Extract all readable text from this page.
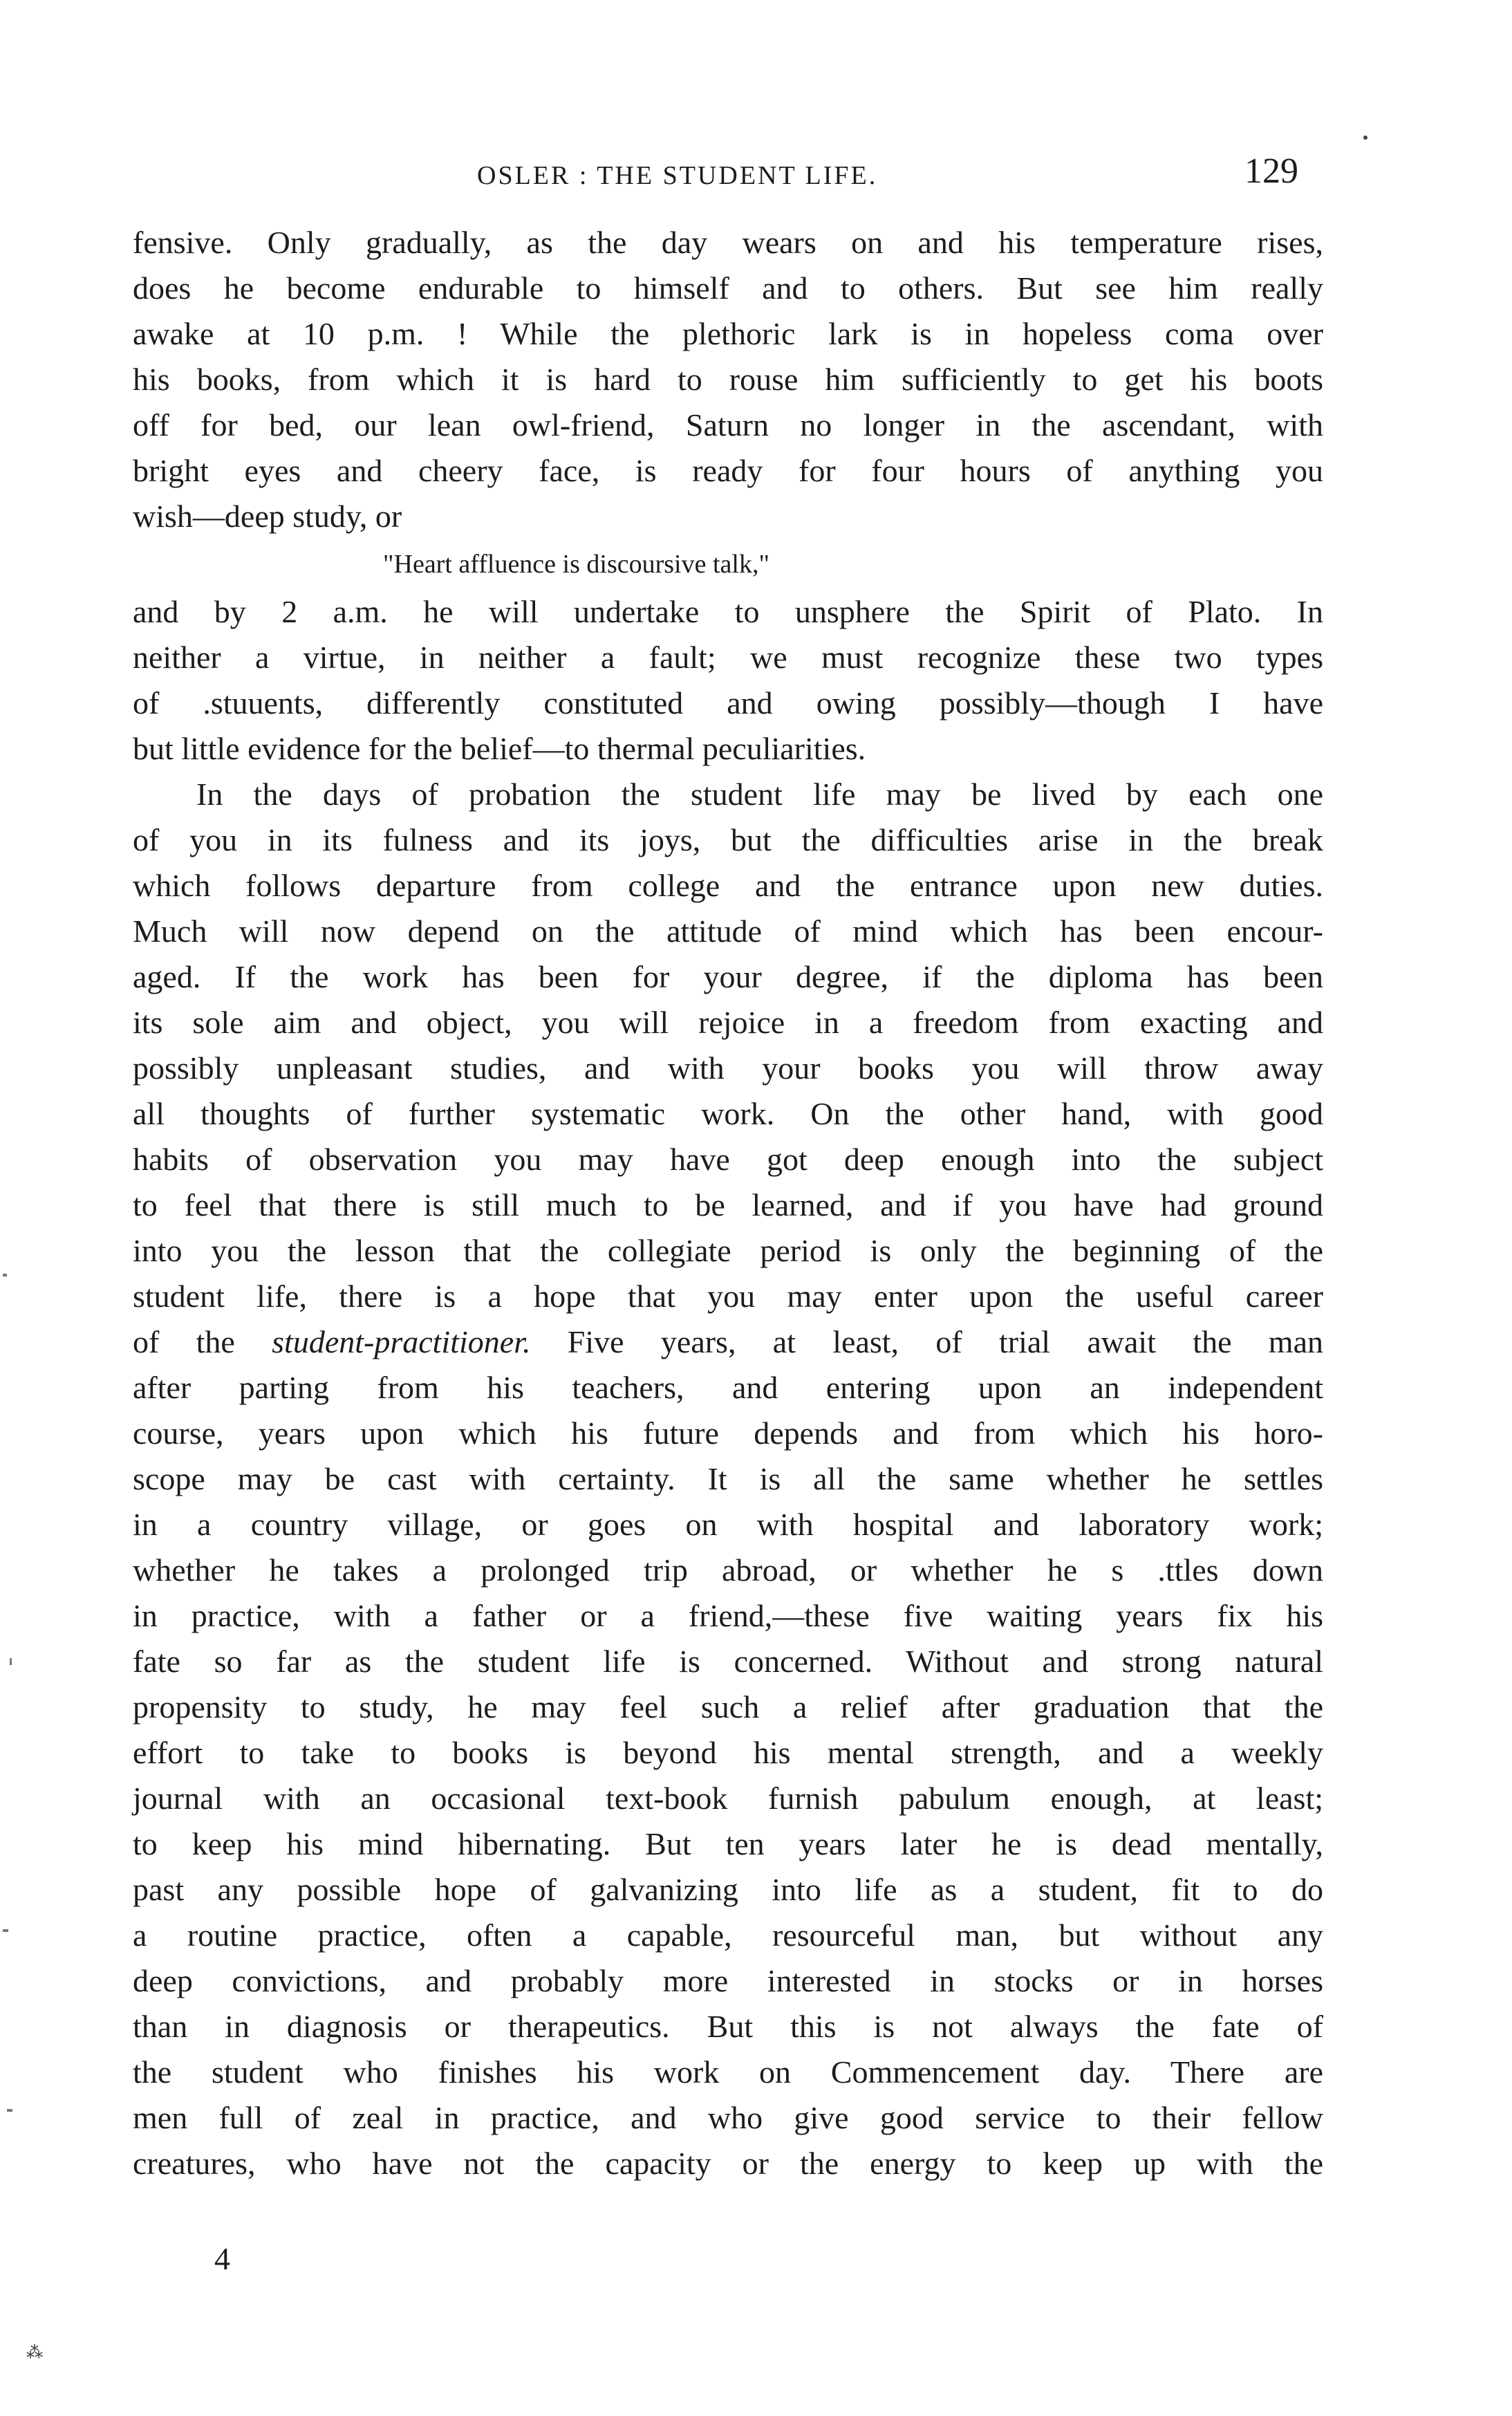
OSLER : THE STUDENT LIFE.	129
fensive. Only gradually, as the day wears on and his temperature rises,
does he become endurable to himself and to others. But see him really
awake at 10 p.m. ! While the plethoric lark is in hopeless coma over
his books, from which it is hard to rouse him sufficiently to get his boots
off for bed, our lean owl-friend, Saturn no longer in the ascendant, with
bright eyes and cheery face, is ready for four hours of anything you
wish—deep study, or
"Heart affluence is discoursive talk,"
and by 2 a.m. he will undertake to unsphere the Spirit of Plato. In
neither a virtue, in neither a fault; we must recognize these two types
of .stuuents, differently constituted and owing possibly—though I have
but little evidence for the belief—to thermal peculiarities.
In the days of probation the student life may be lived by each one
of you in its fulness and its joys, but the difficulties arise in the break
which follows departure from college and the entrance upon new duties.
Much will now depend on the attitude of mind which has been encour-
aged. If the work has been for your degree, if the diploma has been
its sole aim and object, you will rejoice in a freedom from exacting and
possibly unpleasant studies, and with your books you will throw away
all thoughts of further systematic work. On the other hand, with good
habits of observation you may have got deep enough into the subject
to feel that there is still much to be learned, and if you have had ground
into you the lesson that the collegiate period is only the beginning of the
student life, there is a hope that you may enter upon the useful career
of the student-practitioner. Five years, at least, of trial await the man
after parting from his teachers, and entering upon an independent
course, years upon which his future depends and from which his horo-
scope may be cast with certainty. It is all the same whether he settles
in a country village, or goes on with hospital and laboratory work;
whether he takes a prolonged trip abroad, or whether he s .ttles down
in practice, with a father or a friend,—these five waiting years fix his
fate so far as the student life is concerned. Without and strong natural
propensity to study, he may feel such a relief after graduation that the
effort to take to books is beyond his mental strength, and a weekly
journal with an occasional text-book furnish pabulum enough, at least;
to keep his mind hibernating. But ten years later he is dead mentally,
past any possible hope of galvanizing into life as a student, fit to do
a routine practice, often a capable, resourceful man, but without any
deep convictions, and probably more interested in stocks or in horses
than in diagnosis or therapeutics. But this is not always the fate of
the student who finishes his work on Commencement day. There are
men full of zeal in practice, and who give good service to their fellow
creatures, who have not the capacity or the energy to keep up with the
4
⁂
